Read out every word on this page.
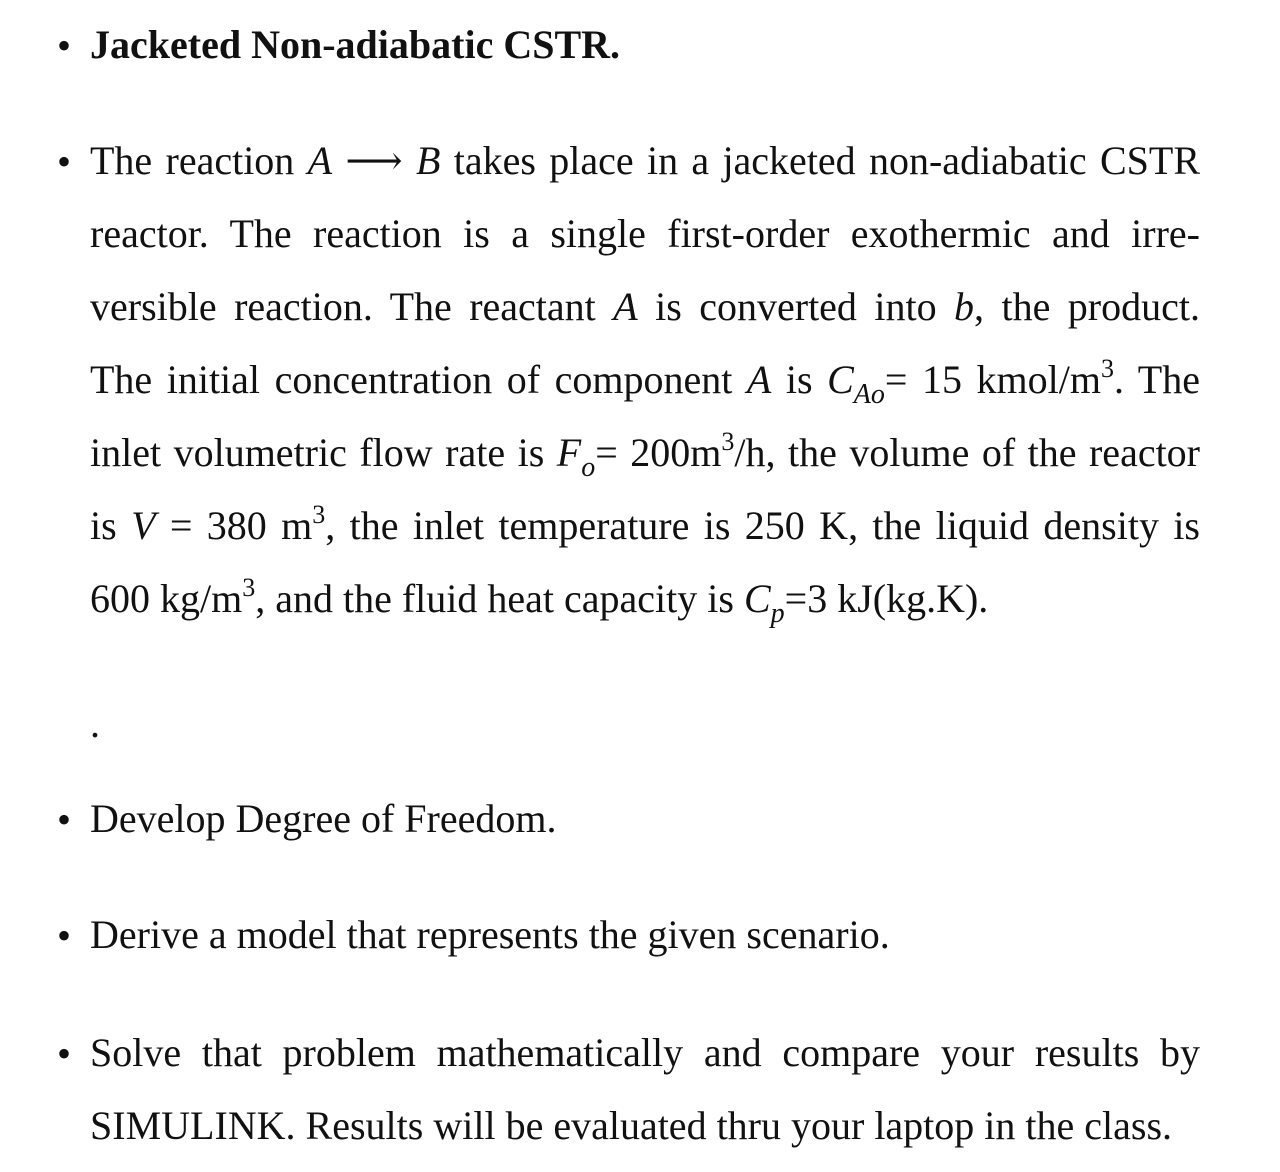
• Jacketed Non-adiabatic CSTR.
• The reaction A ⟶ B takes place in a jacketed non-adiabatic CSTR
reactor. The reaction is a single first-order exothermic and irre-
versible reaction. The reactant A is converted into b, the product.
The initial concentration of component A is $C_{Ao}= 15$ kmol/$m^3$. The
inlet volumetric flow rate is $F_o= 200m^3/h$, the volume of the reactor
is V = 380 $m^3$, the inlet temperature is 250 K, the liquid density is
600 $kg/m^3$, and the fluid heat capacity is $C_p=3$ kJ(kg.K).
.
• Develop Degree of Freedom.
• Derive a model that represents the given scenario.
• Solve that problem mathematically and compare your results by
SIMULINK. Results will be evaluated thru your laptop in the class.
